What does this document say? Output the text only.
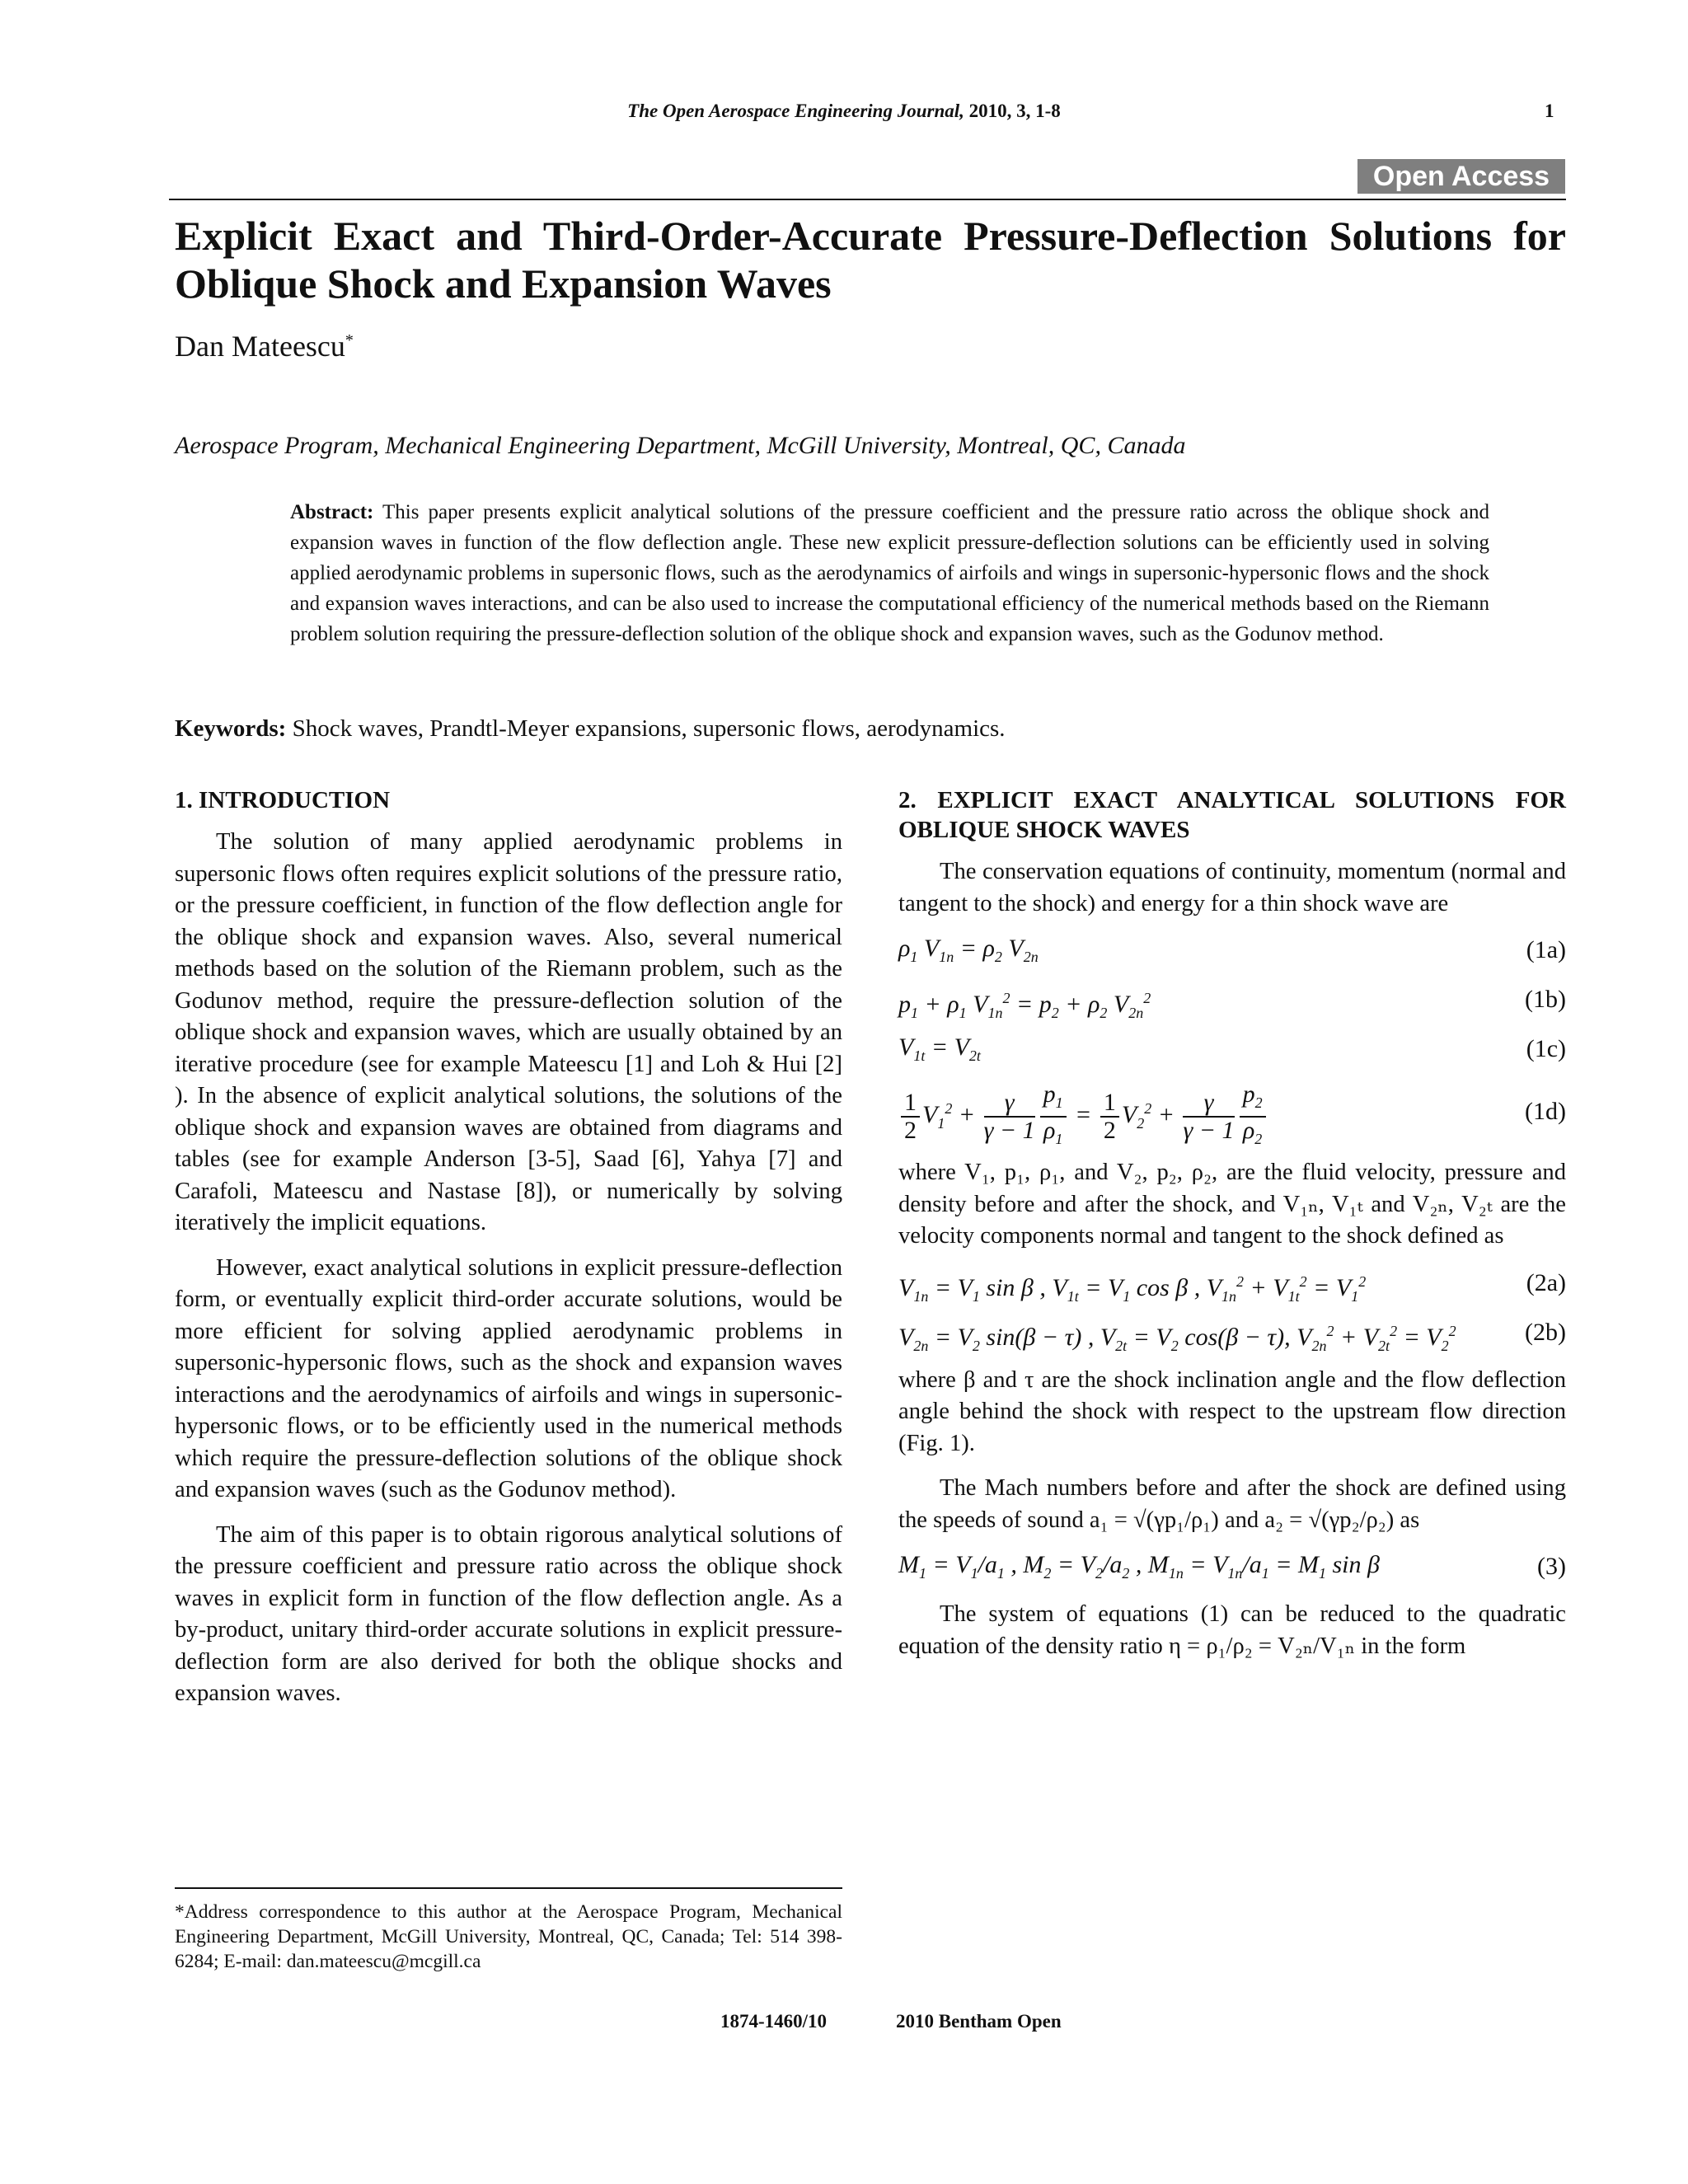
The Open Aerospace Engineering Journal, 2010, 3, 1-8	1
Open Access
Explicit Exact and Third-Order-Accurate Pressure-Deflection Solutions for Oblique Shock and Expansion Waves
Dan Mateescu*
Aerospace Program, Mechanical Engineering Department, McGill University, Montreal, QC, Canada
Abstract: This paper presents explicit analytical solutions of the pressure coefficient and the pressure ratio across the oblique shock and expansion waves in function of the flow deflection angle. These new explicit pressure-deflection solutions can be efficiently used in solving applied aerodynamic problems in supersonic flows, such as the aerodynamics of airfoils and wings in supersonic-hypersonic flows and the shock and expansion waves interactions, and can be also used to increase the computational efficiency of the numerical methods based on the Riemann problem solution requiring the pressure-deflection solution of the oblique shock and expansion waves, such as the Godunov method.
Keywords: Shock waves, Prandtl-Meyer expansions, supersonic flows, aerodynamics.
1. INTRODUCTION

The solution of many applied aerodynamic problems in supersonic flows often requires explicit solutions of the pressure ratio, or the pressure coefficient, in function of the flow deflection angle for the oblique shock and expansion waves. Also, several numerical methods based on the solution of the Riemann problem, such as the Godunov method, require the pressure-deflection solution of the oblique shock and expansion waves, which are usually obtained by an iterative procedure (see for example Mateescu [1] and Loh & Hui [2] ). In the absence of explicit analytical solutions, the solutions of the oblique shock and expansion waves are obtained from diagrams and tables (see for example Anderson [3-5], Saad [6], Yahya [7] and Carafoli, Mateescu and Nastase [8]), or numerically by solving iteratively the implicit equations.

However, exact analytical solutions in explicit pressure-deflection form, or eventually explicit third-order accurate solutions, would be more efficient for solving applied aerodynamic problems in supersonic-hypersonic flows, such as the shock and expansion waves interactions and the aerodynamics of airfoils and wings in supersonic-hypersonic flows, or to be efficiently used in the numerical methods which require the pressure-deflection solutions of the oblique shock and expansion waves (such as the Godunov method).

The aim of this paper is to obtain rigorous analytical solutions of the pressure coefficient and pressure ratio across the oblique shock waves in explicit form in function of the flow deflection angle. As a by-product, unitary third-order accurate solutions in explicit pressure-deflection form are also derived for both the oblique shocks and expansion waves.

2. EXPLICIT EXACT ANALYTICAL SOLUTIONS FOR OBLIQUE SHOCK WAVES

The conservation equations of continuity, momentum (normal and tangent to the shock) and energy for a thin shock wave are

$\rho_1$ $V_{1n} = \rho_2$ $V_{2n}$	(1a)
$p_1 + \rho_1$ $V_{1n}^2 = p_2 + \rho_2$ $V_{2n}^2$	(1b)
$V_{1t} = V_{2t}$	(1c)
$\frac{1}{2} V_1^2 + \frac{\gamma}{\gamma - 1} \frac{p_1}{\rho_1} = \frac{1}{2} V_2^2 + \frac{\gamma}{\gamma - 1} \frac{p_2}{\rho_2}$	(1d)

where V₁, p₁, ρ₁, and V₂, p₂, ρ₂, are the fluid velocity, pressure and density before and after the shock, and V₁ₙ, V₁ₜ and V₂ₙ, V₂ₜ are the velocity components normal and tangent to the shock defined as

$V_{1n} = V_1$ sin β , $V_{1t} = V_1$ cos β , $V_{1n}^2 + V_{1t}^2 = V_1^2$	(2a)
$V_{2n} = V_2$ sin(β − τ) , $V_{2t} = V_2$ cos(β − τ), $V_{2n}^2 + V_{2t}^2 = V_2^2$	(2b)

where β and τ are the shock inclination angle and the flow deflection angle behind the shock with respect to the upstream flow direction (Fig. 1).

The Mach numbers before and after the shock are defined using the speeds of sound a₁ = √(γp₁/ρ₁) and a₂ = √(γp₂/ρ₂) as

$M_1 = V_1/a_1$ , $M_2 = V_2/a_2$ , $M_{1n} = V_{1n}/a_1 = M_1$ sin β	(3)

The system of equations (1) can be reduced to the quadratic equation of the density ratio η = ρ₁/ρ₂ = V₂ₙ/V₁ₙ in the form

*Address correspondence to this author at the Aerospace Program, Mechanical Engineering Department, McGill University, Montreal, QC, Canada; Tel: 514 398-6284; E-mail: dan.mateescu@mcgill.ca
1874-1460/10	2010 Bentham Open
